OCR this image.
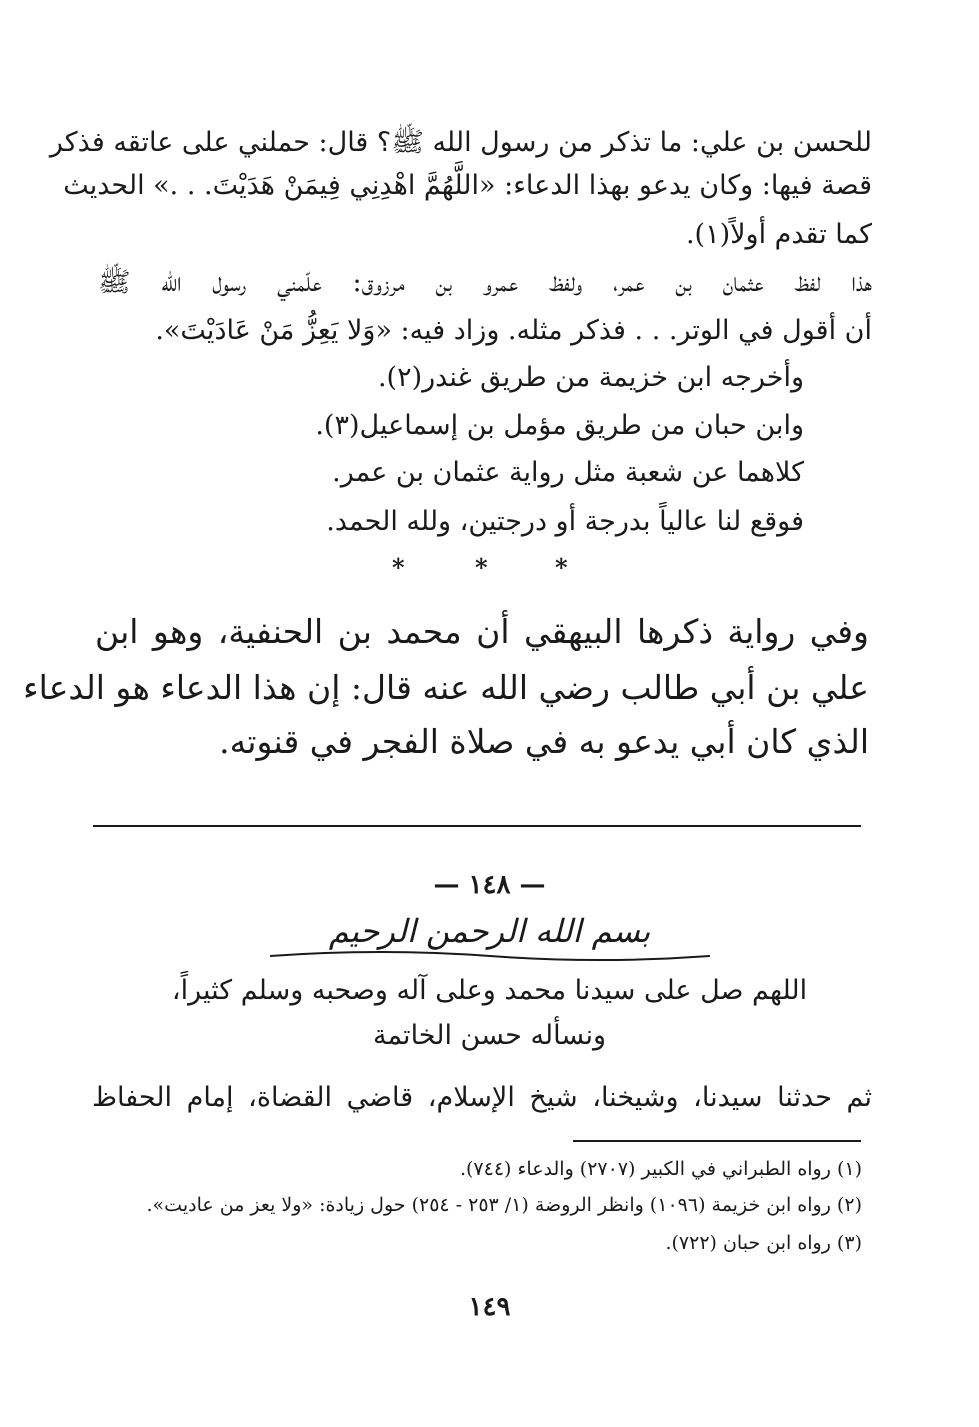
للحسن بن علي: ما تذكر من رسول الله ﷺ؟ قال: حملني على عاتقه فذكر
قصة فيها: وكان يدعو بهذا الدعاء: «اللَّهُمَّ اهْدِنِي فِيمَنْ هَدَيْتَ. . .» الحديث
كما تقدم أولاً(١).
هذا لفظ عثمان بن عمر، ولفظ عمرو بن مرزوق: علّمني رسول الله ﷺ
أن أقول في الوتر. . . فذكر مثله. وزاد فيه: «وَلا يَعِزُّ مَنْ عَادَيْتَ».
وأخرجه ابن خزيمة من طريق غندر(٢).
وابن حبان من طريق مؤمل بن إسماعيل(٣).
كلاهما عن شعبة مثل رواية عثمان بن عمر.
فوقع لنا عالياً بدرجة أو درجتين، ولله الحمد.
*	*	*
وفي رواية ذكرها البيهقي أن محمد بن الحنفية، وهو ابن
علي بن أبي طالب رضي الله عنه قال: إن هذا الدعاء هو الدعاء
الذي كان أبي يدعو به في صلاة الفجر في قنوته.
— ١٤٨ —
بسم الله الرحمن الرحيم
اللهم صل على سيدنا محمد وعلى آله وصحبه وسلم كثيراً،
ونسأله حسن الخاتمة
ثم حدثنا سيدنا، وشيخنا، شيخ الإسلام، قاضي القضاة، إمام الحفاظ
(١) رواه الطبراني في الكبير (٢٧٠٧) والدعاء (٧٤٤).
(٢) رواه ابن خزيمة (١٠٩٦) وانظر الروضة (١/ ٢٥٣ - ٢٥٤) حول زيادة: «ولا يعز من عاديت».
(٣) رواه ابن حبان (٧٢٢).
١٤٩
